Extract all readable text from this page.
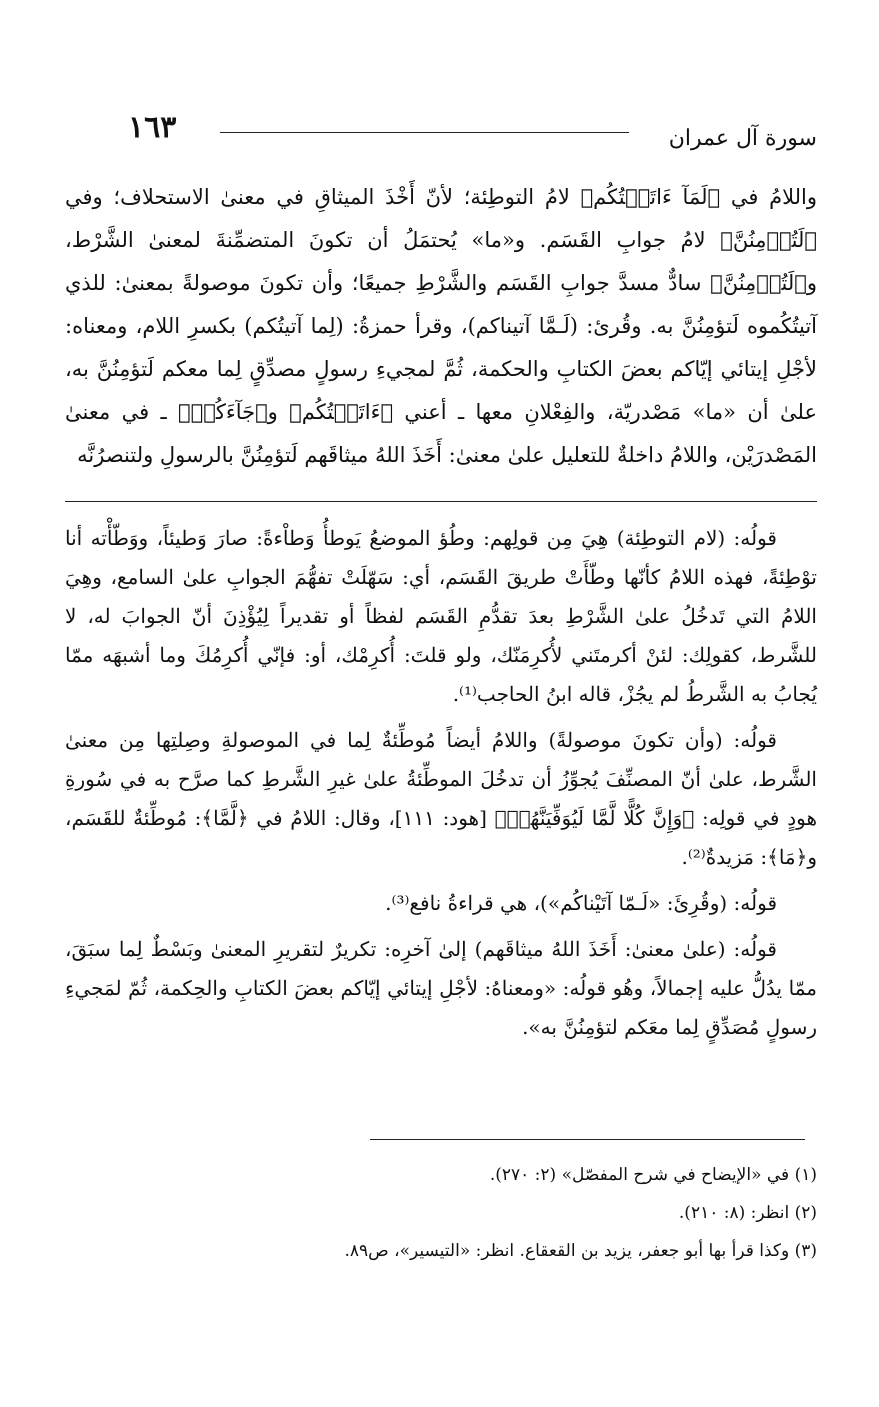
١٦٣	سورة آل عمران

واللامُ في ﴿لَمَآ ءَاتَيۡتُكُم﴾ لامُ التوطِئة؛ لأنّ أَخْذَ الميثاقِ في معنىٰ الاستحلاف؛ وفي ﴿لَتُؤۡمِنُنَّ﴾ لامُ جوابِ القَسَم. و«ما» يُحتمَلُ أن تكونَ المتضمِّنةَ لمعنىٰ الشَّرْط، و﴿لَتُؤۡمِنُنَّ﴾ سادٌّ مسدَّ جوابِ القَسَم والشَّرْطِ جميعًا؛ وأن تكونَ موصولةً بمعنىٰ: للذي آتيتُكُموه لَتؤمِنُنَّ به. وقُرئ: (لَـمَّا آتيناكم)، وقرأ حمزةُ: (لِما آتيتُكم) بكسرِ اللام، ومعناه: لأجْلِ إيتائي إيّاكم بعضَ الكتابِ والحكمة، ثُمَّ لمجيءِ رسولٍ مصدِّقٍ لِما معكم لَتؤمِنُنَّ به، علىٰ أن «ما» مَصْدريّة، والفِعْلانِ معها ـ أعني ﴿ءَاتَيۡتُكُم﴾ و﴿جَآءَكُمۡ﴾ ـ في معنىٰ المَصْدرَيْن، واللامُ داخلةٌ للتعليل علىٰ معنىٰ: أَخَذَ اللهُ ميثاقَهم لَتؤمِنُنَّ بالرسولِ ولتنصرُنَّه

قولُه: (لام التوطِئة) هِيَ مِن قولِهم: وطُؤ الموضعُ يَوطأُ وَطاْءةً: صارَ وَطيئاً، ووَطّأْته أنا توْطِئةً، فهذه اللامُ كأنّها وطّأَتْ طريقَ القَسَم، أي: سَهّلَتْ تفهُّمَ الجوابِ علىٰ السامع، وهِيَ اللامُ التي تَدخُلُ علىٰ الشَّرْطِ بعدَ تقدُّمِ القَسَم لفظاً أو تقديراً لِيُؤْذِنَ أنّ الجوابَ له، لا للشَّرط، كقولِك: لئنْ أكرمتَني لأُكرِمَنّك، ولو قلتَ: أُكرِمْك، أو: فإنّي أُكرِمُكَ وما أشبهَه ممّا يُجابُ به الشَّرطُ لم يجُزْ، قاله ابنُ الحاجب⁽¹⁾.

قولُه: (وأن تكونَ موصولةً) واللامُ أيضاً مُوطِّئةٌ لِما في الموصولةِ وصِلتِها مِن معنىٰ الشَّرط، علىٰ أنّ المصنِّفَ يُجوِّزُ أن تدخُلَ الموطِّئةُ علىٰ غيرِ الشَّرطِ كما صرَّح به في سُورةِ هودٍ في قولِه: ﴿وَإِنَّ كُلًّا لَّمَّا لَيُوَفِّيَنَّهُمۡ﴾ [هود: ١١١]، وقال: اللامُ في ﴿لَّمَّا﴾: مُوطِّئةٌ للقَسَم، و﴿مَا﴾: مَزيدةٌ⁽²⁾.

قولُه: (وقُرِئَ: «لَـمّا آتَيْناكُم»)، هي قراءةُ نافع⁽³⁾.

قولُه: (علىٰ معنىٰ: أَخَذَ اللهُ ميثاقَهم) إلىٰ آخرِه: تكريرٌ لتقريرِ المعنىٰ وبَسْطٌ لِما سبَقَ، ممّا يدُلُّ عليه إجمالاً، وهُو قولُه: «ومعناهُ: لأجْلِ إيتائي إيّاكم بعضَ الكتابِ والحِكمة، ثُمّ لمَجيءِ رسولٍ مُصَدِّقٍ لِما معَكم لتؤمِنُنَّ به».

(١) في «الإيضاح في شرح المفصّل» (٢: ٢٧٠).
(٢) انظر: (٨: ٢١٠).
(٣) وكذا قرأ بها أبو جعفر، يزيد بن القعقاع. انظر: «التيسير»، ص٨٩.
